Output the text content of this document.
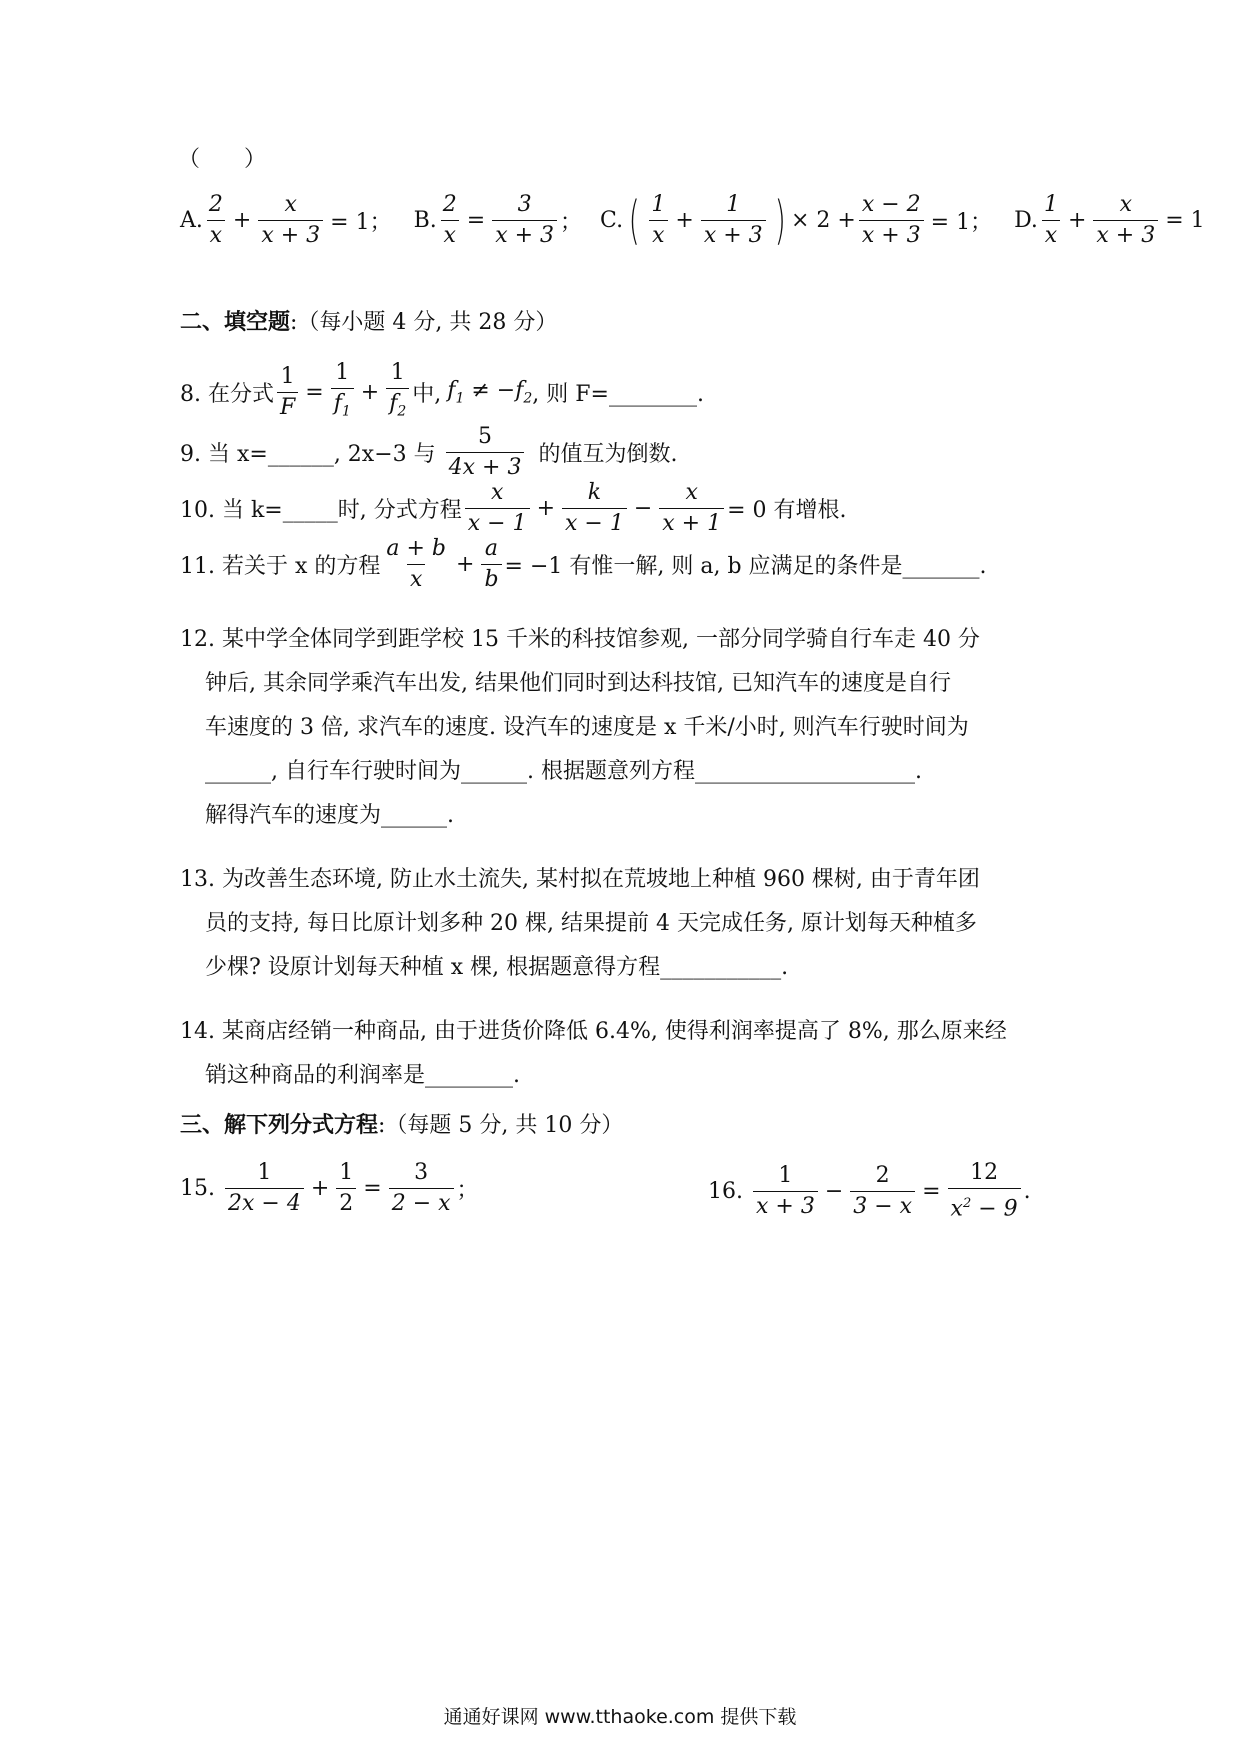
（　　）
A. $\frac{2}{x} + \frac{x}{x + 3} = 1$； B. $\frac{2}{x} = \frac{3}{x + 3}$ ； C. ( $\frac{1}{x} + \frac{1}{x + 3}$ ) × $2 + \frac{x - 2}{x + 3} = 1$； D. $\frac{1}{x} + \frac{x}{x + 3} = 1$
二、填空题 :（每小题 4 分, 共 28 分）
8. 在分式 $\frac{1}{F} = \frac{1}{f_1} + \frac{1}{f_2}$ 中, $f_1 \ne -f_2$ , 则 F=________.
9. 当 x=______, 2x−3 与 $\frac{5}{4x + 3}$ 的值互为倒数.
10. 当 k=_____时, 分式方程 $\frac{x}{x - 1} + \frac{k}{x - 1} - \frac{x}{x + 1} = 0$ 有增根.
11. 若关于 x 的方程 $\frac{a + b}{x} + \frac{a}{b} = -1$ 有惟一解, 则 a, b 应满足的条件是_______.
12. 某中学全体同学到距学校 15 千米的科技馆参观, 一部分同学骑自行车走 40 分
钟后, 其余同学乘汽车出发, 结果他们同时到达科技馆, 已知汽车的速度是自行
车速度的 3 倍, 求汽车的速度. 设汽车的速度是 x 千米/小时, 则汽车行驶时间为
______, 自行车行驶时间为______. 根据题意列方程____________________.
解得汽车的速度为______.
13. 为改善生态环境, 防止水土流失, 某村拟在荒坡地上种植 960 棵树, 由于青年团
员的支持, 每日比原计划多种 20 棵, 结果提前 4 天完成任务, 原计划每天种植多
少棵? 设原计划每天种植 x 棵, 根据题意得方程___________.
14. 某商店经销一种商品, 由于进货价降低 6.4%, 使得利润率提高了 8%, 那么原来经
销这种商品的利润率是________.
三、解下列分式方程 :（每题 5 分, 共 10 分）
15. $\frac{1}{2x - 4} + \frac{1}{2} = \frac{3}{2 - x}$ ；	16. $\frac{1}{x + 3} - \frac{2}{3 - x} = \frac{12}{x^2 - 9}$ .
通通好课网 www.tthaoke.com 提供下载
